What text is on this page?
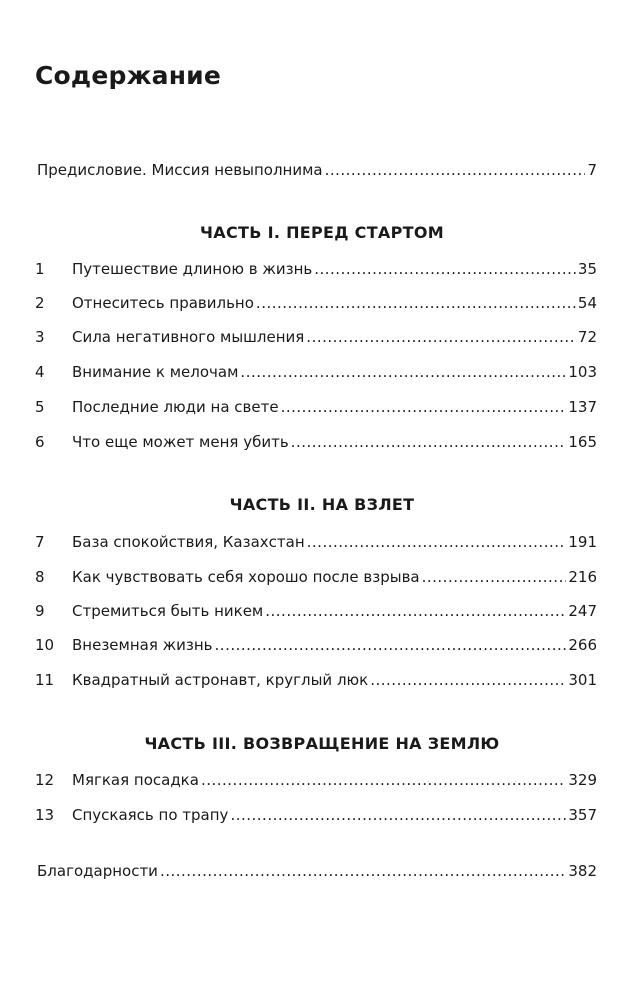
Содержание
Предисловие. Миссия невыполнима .....	7
ЧАСТЬ I. ПЕРЕД СТАРТОМ
1	Путешествие длиною в жизнь .....	35
2	Отнеситесь правильно .....	54
3	Сила негативного мышления .....	72
4	Внимание к мелочам .....	103
5	Последние люди на свете .....	137
6	Что еще может меня убить .....	165
ЧАСТЬ II. НА ВЗЛЕТ
7	База спокойствия, Казахстан .....	191
8	Как чувствовать себя хорошо после взрыва .....	216
9	Стремиться быть никем .....	247
10	Внеземная жизнь .....	266
11	Квадратный астронавт, круглый люк .....	301
ЧАСТЬ III. ВОЗВРАЩЕНИЕ НА ЗЕМЛЮ
12	Мягкая посадка .....	329
13	Спускаясь по трапу .....	357
Благодарности .....	382
